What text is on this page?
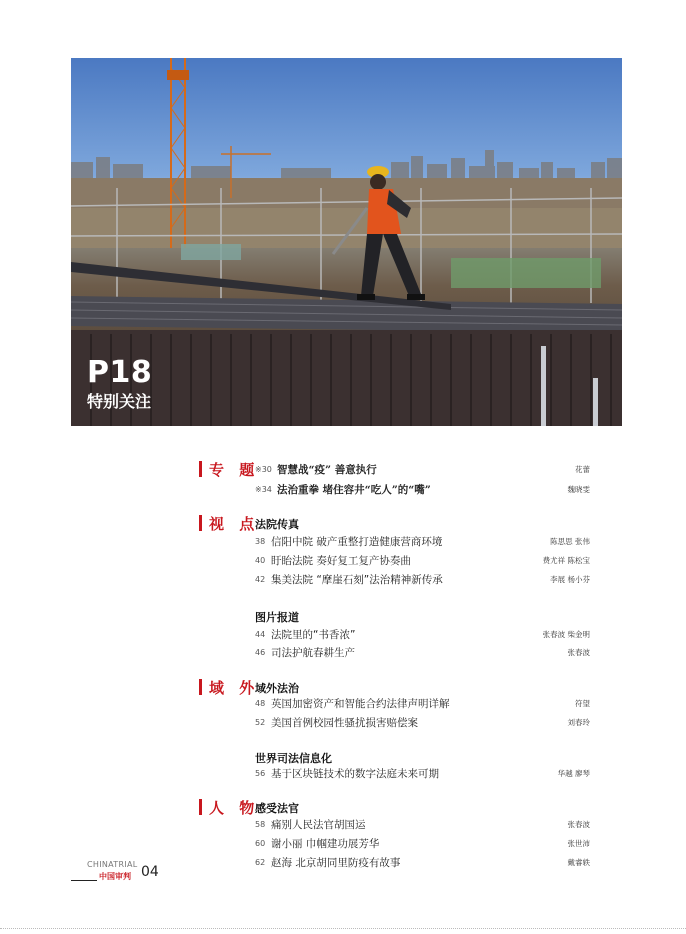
P18
特别关注
专 题
※30 智慧战“疫” 善意执行	花蕾
※34 法治重拳 堵住容井“吃人”的“嘴”	魏晓雯
视 点
法院传真
38 信阳中院 破产重整打造健康营商环境	陈思思 张伟
40 盱眙法院 奏好复工复产协奏曲	费尤祥 陈松宝
42 集美法院 “摩崖石刻”法治精神新传承	李展 杨小芬
图片报道
44 法院里的“书香浓”	张春波 柴金明
46 司法护航春耕生产	张春波
域 外
域外法治
48 英国加密资产和智能合约法律声明详解	符望
52 美国首例校园性骚扰损害赔偿案	刘春玲
世界司法信息化
56 基于区块链技术的数字法庭未来可期	华越 廖琴
人 物
感受法官
58 痛别人民法官胡国运	张春波
60 谢小丽 巾帼建功展芳华	张世沛
62 赵海 北京胡同里防疫有故事	戴睿轶
CHINATRIAL
中国审判 04
